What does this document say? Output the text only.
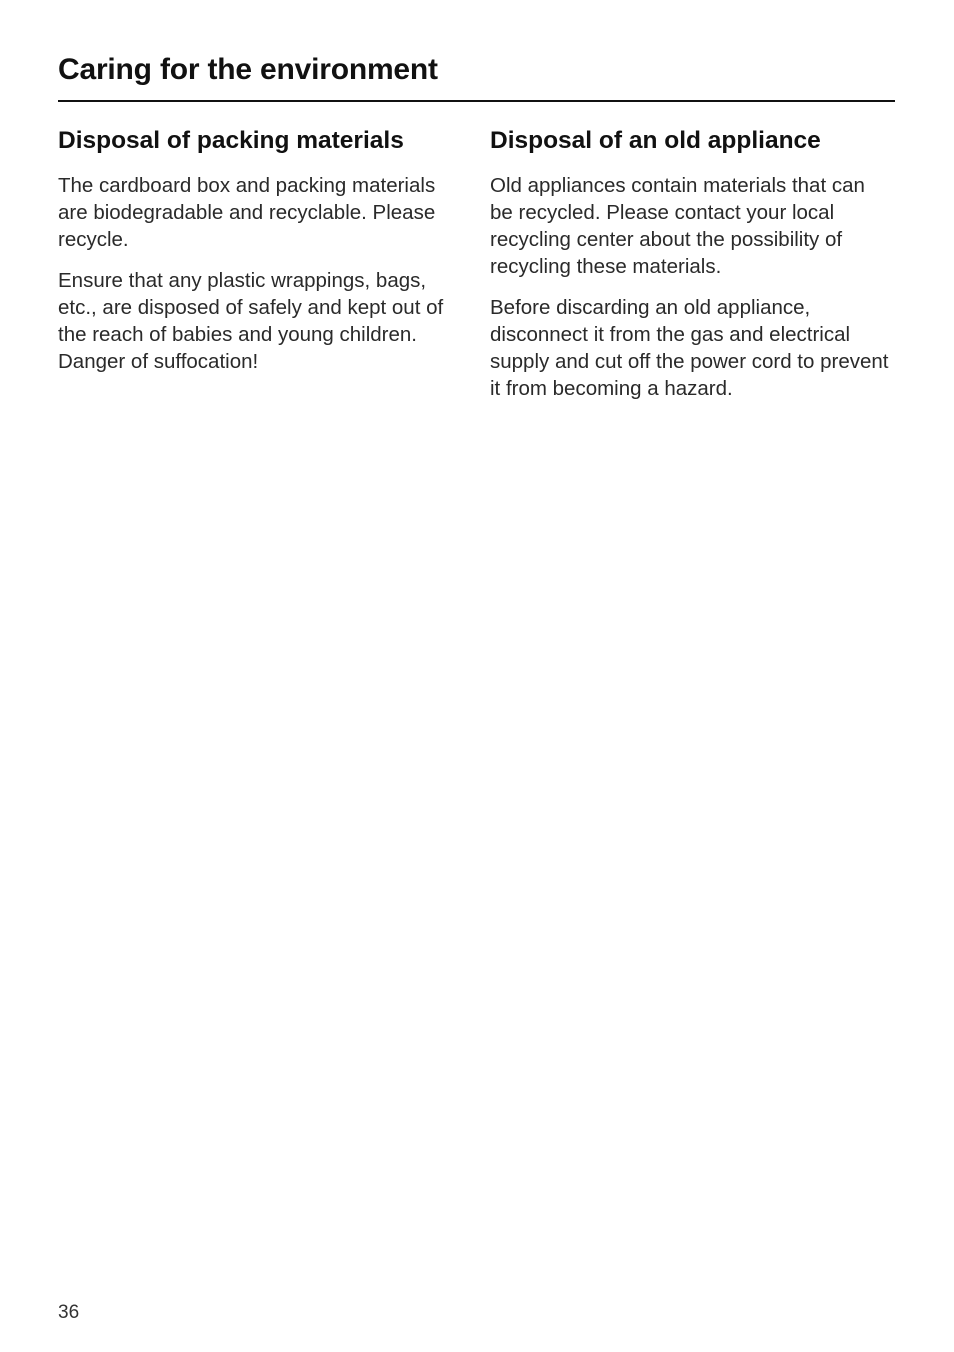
Caring for the environment
Disposal of packing materials

The cardboard box and packing materials are biodegradable and recyclable. Please recycle.

Ensure that any plastic wrappings, bags, etc., are disposed of safely and kept out of the reach of babies and young children. Danger of suffocation!

Disposal of an old appliance

Old appliances contain materials that can be recycled. Please contact your local recycling center about the possibility of recycling these materials.

Before discarding an old appliance, disconnect it from the gas and electrical supply and cut off the power cord to prevent it from becoming a hazard.

36
